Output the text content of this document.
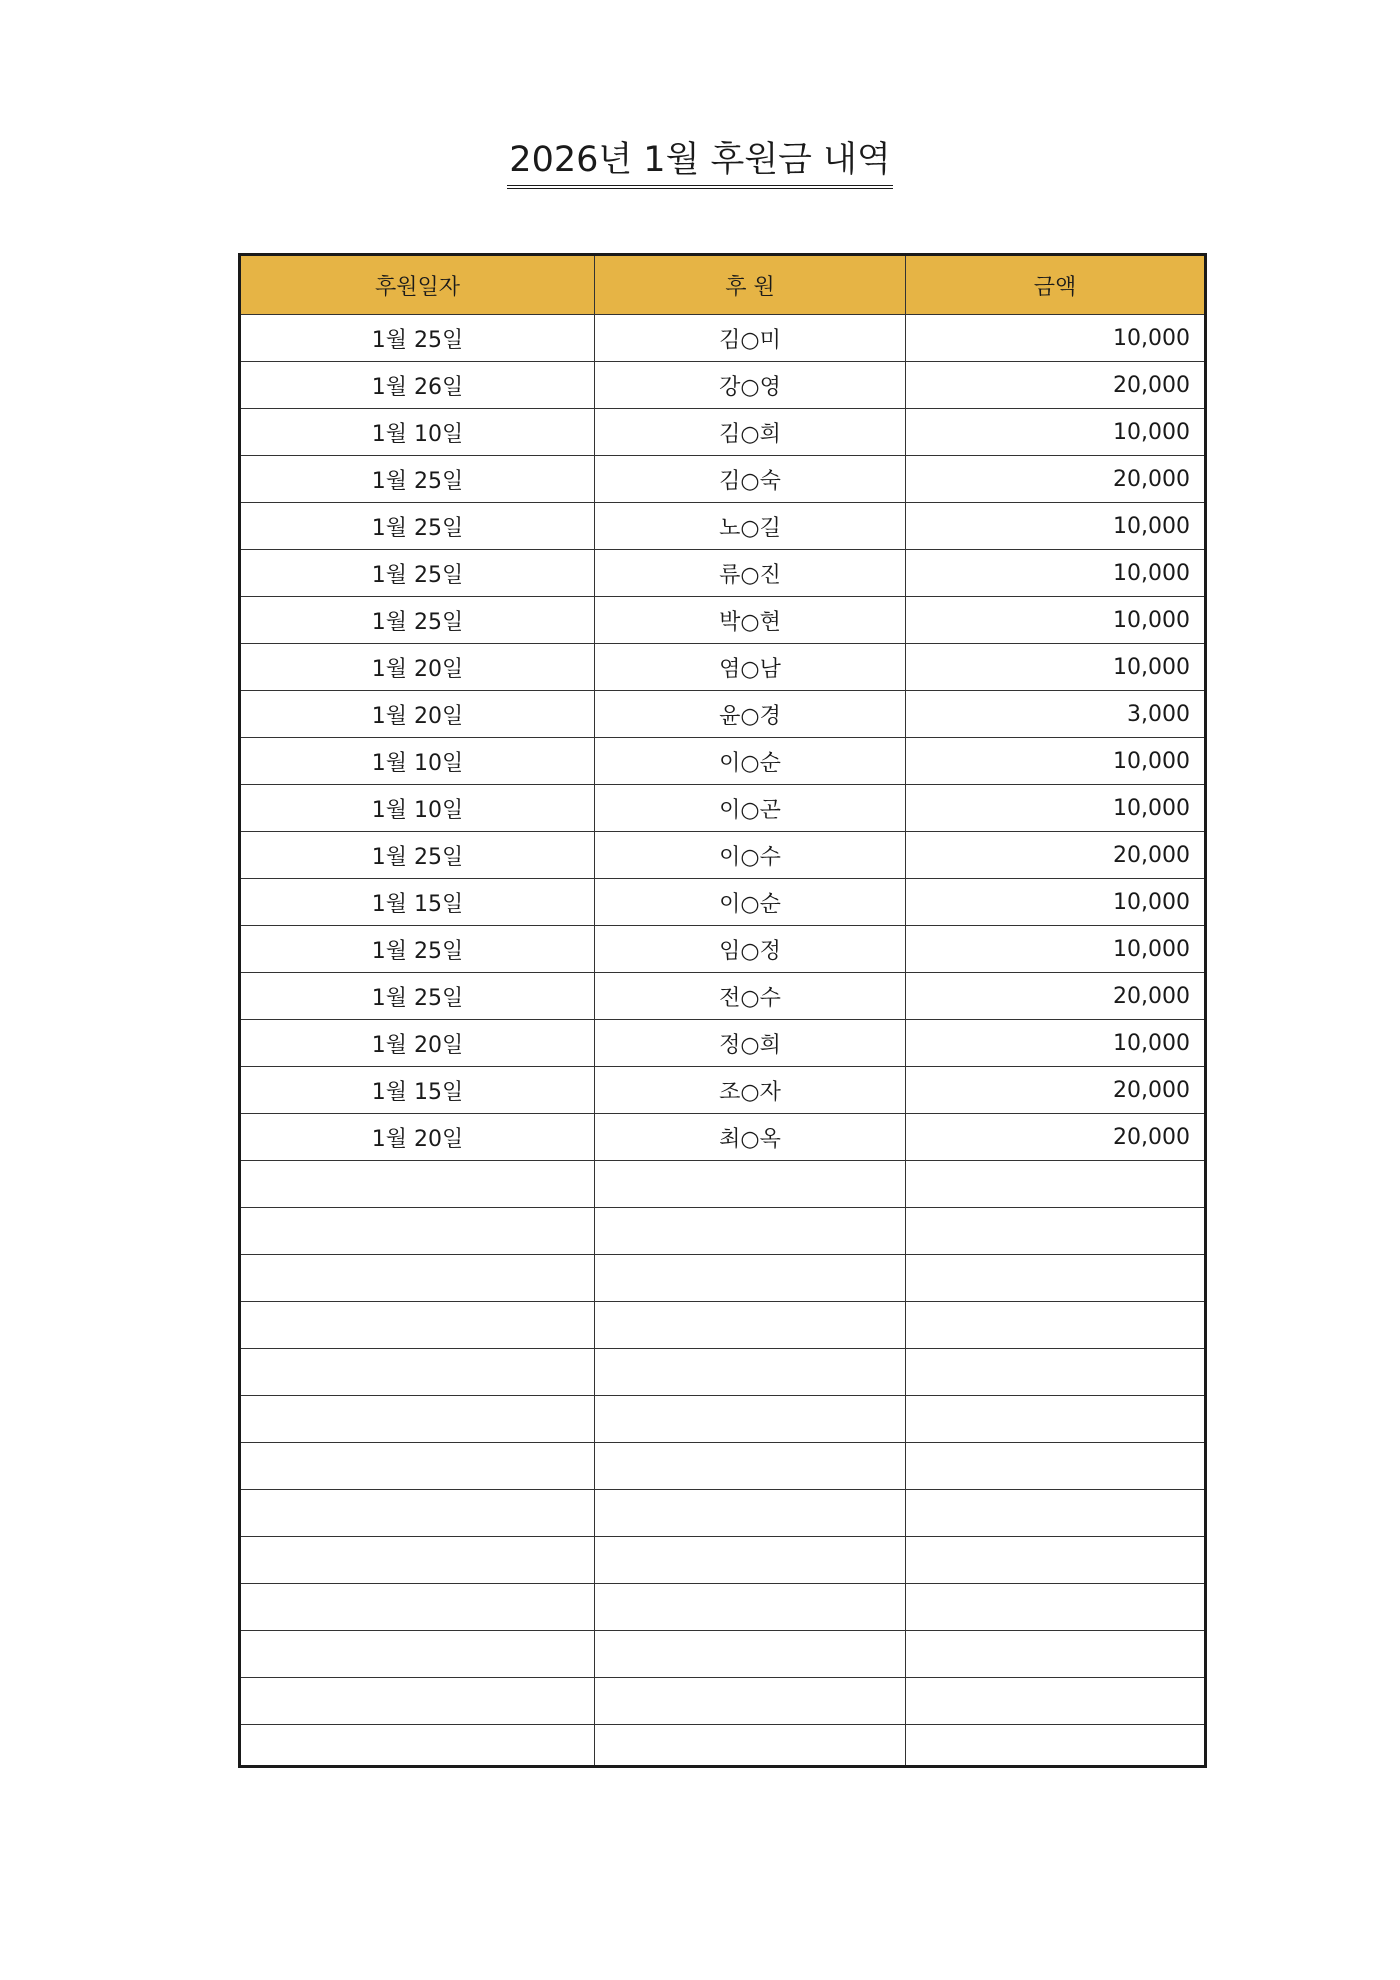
2026년 1월 후원금 내역
후원일자	후 원	금액
1월 25일	김○미	10,000
1월 26일	강○영	20,000
1월 10일	김○희	10,000
1월 25일	김○숙	20,000
1월 25일	노○길	10,000
1월 25일	류○진	10,000
1월 25일	박○현	10,000
1월 20일	염○남	10,000
1월 20일	윤○경	3,000
1월 10일	이○순	10,000
1월 10일	이○곤	10,000
1월 25일	이○수	20,000
1월 15일	이○순	10,000
1월 25일	임○정	10,000
1월 25일	전○수	20,000
1월 20일	정○희	10,000
1월 15일	조○자	20,000
1월 20일	최○옥	20,000
